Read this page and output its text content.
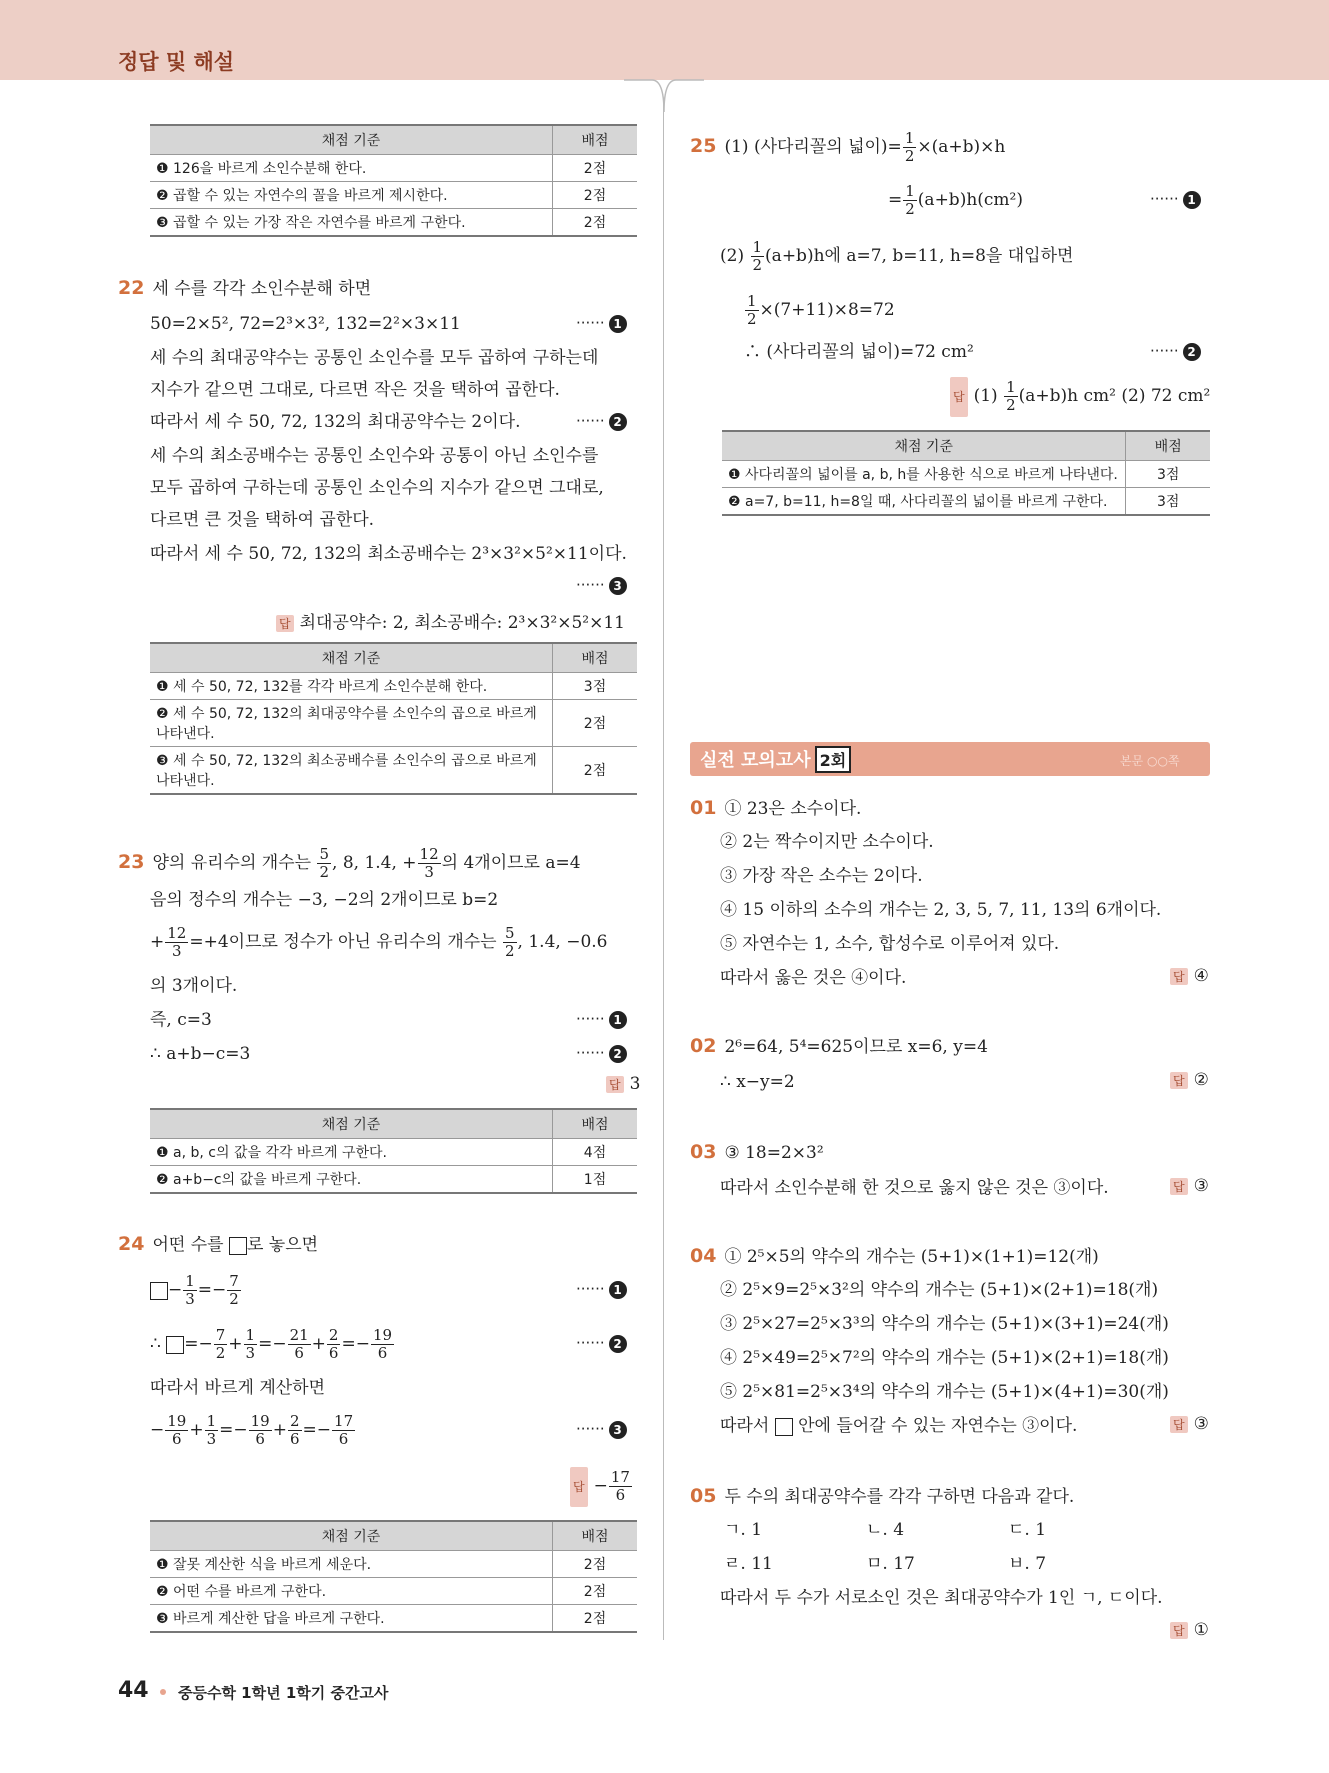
정답 및 해설
채점 기준	배점
❶ 126을 바르게 소인수분해 한다.	2점
❷ 곱할 수 있는 자연수의 꼴을 바르게 제시한다.	2점
❸ 곱할 수 있는 가장 작은 자연수를 바르게 구한다.	2점
22 세 수를 각각 소인수분해 하면
50=2×5², 72=2³×3², 132=2²×3×11	······ 1
세 수의 최대공약수는 공통인 소인수를 모두 곱하여 구하는데
지수가 같으면 그대로, 다르면 작은 것을 택하여 곱한다.
따라서 세 수 50, 72, 132의 최대공약수는 2이다.	······ 2
세 수의 최소공배수는 공통인 소인수와 공통이 아닌 소인수를
모두 곱하여 구하는데 공통인 소인수의 지수가 같으면 그대로,
다르면 큰 것을 택하여 곱한다.
따라서 세 수 50, 72, 132의 최소공배수는 2³×3²×5²×11이다.
······ 3
답 최대공약수: 2, 최소공배수: 2³×3²×5²×11
채점 기준	배점
❶ 세 수 50, 72, 132를 각각 바르게 소인수분해 한다.	3점
❷ 세 수 50, 72, 132의 최대공약수를 소인수의 곱으로 바르게 나타낸다.	2점
❸ 세 수 50, 72, 132의 최소공배수를 소인수의 곱으로 바르게 나타낸다.	2점
23 양의 유리수의 개수는 $\frac{5}{2}$ , 8, 1.4, + $\frac{12}{3}$ 의 4개이므로 a=4
음의 정수의 개수는 −3, −2의 2개이므로 b=2
+ $\frac{12}{3} =+4$이므로 정수가 아닌 유리수의 개수는 $\frac{5}{2}$ , 1.4, −0.6
의 3개이다.
즉, c=3	······ 1
∴ a+b−c=3	······ 2
답 3
채점 기준	배점
❶ a, b, c의 값을 각각 바르게 구한다.	4점
❷ a+b−c의 값을 바르게 구한다.	1점
24 어떤 수를 로 놓으면
− $\frac{1}{3} =- \frac{7}{2}$	······ 1
∴ =− $\frac{7}{2} + \frac{1}{3} =- \frac{21}{6} + \frac{2}{6} =- \frac{19}{6}$	······ 2
따라서 바르게 계산하면
− $\frac{19}{6} + \frac{1}{3} =- \frac{19}{6} + \frac{2}{6} =- \frac{17}{6}$	······ 3
답 − $\frac{17}{6}$
채점 기준	배점
❶ 잘못 계산한 식을 바르게 세운다.	2점
❷ 어떤 수를 바르게 구한다.	2점
❸ 바르게 계산한 답을 바르게 구한다.	2점
25 (1) (사다리꼴의 넓이)= $\frac{1}{2} \times(a+b)\times h$
= $\frac{1}{2} (a+b)h(cm^2)$	······ 1
$(2) \frac{1}{2} (a+b)h$에 a=7, b=11, h=8을 대입하면
$\frac{1}{2} \times(7+11)\times 8=72$
∴ (사다리꼴의 넓이)=72 cm²	······ 2
답 $(1) \frac{1}{2} (a+b)h$ cm² (2) 72 cm²
채점 기준	배점
❶ 사다리꼴의 넓이를 a, b, h를 사용한 식으로 바르게 나타낸다.	3점
❷ a=7, b=11, h=8일 때, 사다리꼴의 넓이를 바르게 구한다.	3점
실전 모의고사 2회	본문 ○○쪽
01 ① 23은 소수이다.
② 2는 짝수이지만 소수이다.
③ 가장 작은 소수는 2이다.
④ 15 이하의 소수의 개수는 2, 3, 5, 7, 11, 13의 6개이다.
⑤ 자연수는 1, 소수, 합성수로 이루어져 있다.
따라서 옳은 것은 ④이다.	답 ④
02 2⁶=64, 5⁴=625이므로 x=6, y=4
∴ x−y=2	답 ②
03 ③ 18=2×3²
따라서 소인수분해 한 것으로 옳지 않은 것은 ③이다.	답 ③
04 ① 2⁵×5의 약수의 개수는 (5+1)×(1+1)=12(개)
② 2⁵×9=2⁵×3²의 약수의 개수는 (5+1)×(2+1)=18(개)
③ 2⁵×27=2⁵×3³의 약수의 개수는 (5+1)×(3+1)=24(개)
④ 2⁵×49=2⁵×7²의 약수의 개수는 (5+1)×(2+1)=18(개)
⑤ 2⁵×81=2⁵×3⁴의 약수의 개수는 (5+1)×(4+1)=30(개)
따라서 안에 들어갈 수 있는 자연수는 ③이다.	답 ③
05 두 수의 최대공약수를 각각 구하면 다음과 같다.
ㄱ. 1	ㄴ. 4	ㄷ. 1
ㄹ. 11	ㅁ. 17	ㅂ. 7
따라서 두 수가 서로소인 것은 최대공약수가 1인 ㄱ, ㄷ이다.
답 ①
44 중등수학 1학년 1학기 중간고사
